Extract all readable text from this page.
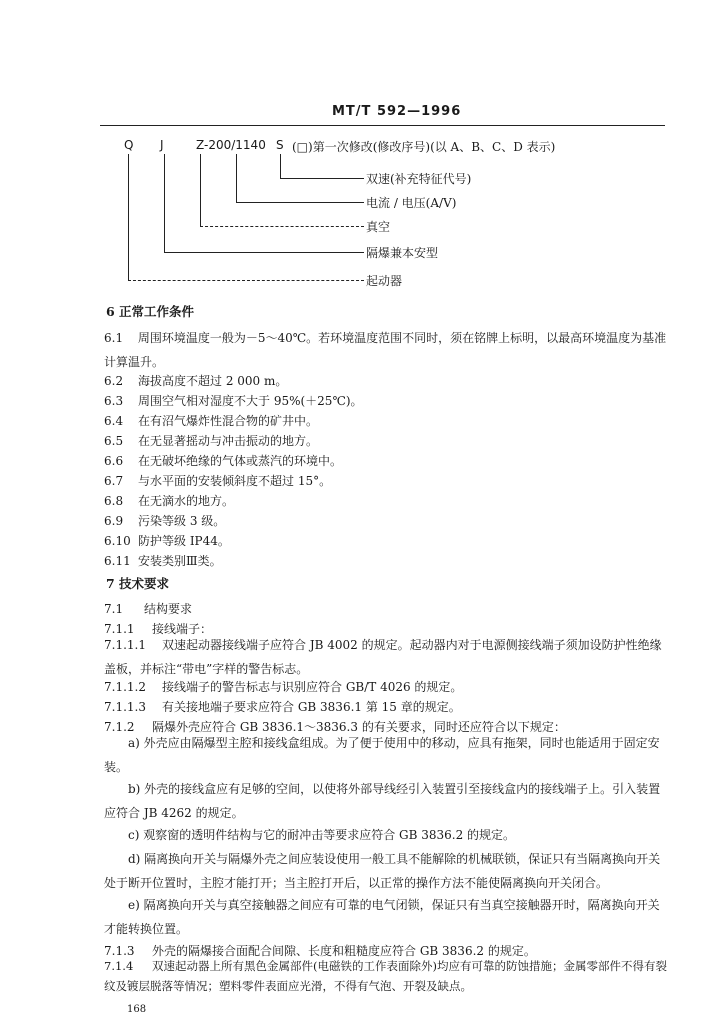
MT/T 592—1996
Q J	Z-200/1140 S (□)第一次修改(修改序号)(以 A、B、C、D 表示)
双速(补充特征代号)
电流 / 电压(A/V)
真空
隔爆兼本安型
起动器
6 正常工作条件
6.1 周围环境温度一般为－5～40℃。若环境温度范围不同时，须在铭牌上标明，以最高环境温度为基准计算温升。
6.2 海拔高度不超过 2 000 m。
6.3 周围空气相对湿度不大于 95%(＋25℃)。
6.4 在有沼气爆炸性混合物的矿井中。
6.5 在无显著摇动与冲击振动的地方。
6.6 在无破坏绝缘的气体或蒸汽的环境中。
6.7 与水平面的安装倾斜度不超过 15°。
6.8 在无滴水的地方。
6.9 污染等级 3 级。
6.10 防护等级 IP44。
6.11 安装类别Ⅲ类。
7 技术要求
7.1 结构要求
7.1.1 接线端子：
7.1.1.1 双速起动器接线端子应符合 JB 4002 的规定。起动器内对于电源侧接线端子须加设防护性绝缘盖板，并标注“带电”字样的警告标志。
7.1.1.2 接线端子的警告标志与识别应符合 GB/T 4026 的规定。
7.1.1.3 有关接地端子要求应符合 GB 3836.1 第 15 章的规定。
7.1.2 隔爆外壳应符合 GB 3836.1～3836.3 的有关要求，同时还应符合以下规定：
a) 外壳应由隔爆型主腔和接线盒组成。为了便于使用中的移动，应具有拖架，同时也能适用于固定安装。
b) 外壳的接线盒应有足够的空间，以使将外部导线经引入装置引至接线盒内的接线端子上。引入装置应符合 JB 4262 的规定。
c) 观察窗的透明件结构与它的耐冲击等要求应符合 GB 3836.2 的规定。
d) 隔离换向开关与隔爆外壳之间应装设使用一般工具不能解除的机械联锁，保证只有当隔离换向开关处于断开位置时，主腔才能打开；当主腔打开后，以正常的操作方法不能使隔离换向开关闭合。
e) 隔离换向开关与真空接触器之间应有可靠的电气闭锁，保证只有当真空接触器开时，隔离换向开关才能转换位置。
7.1.3 外壳的隔爆接合面配合间隙、长度和粗糙度应符合 GB 3836.2 的规定。
7.1.4 双速起动器上所有黑色金属部件(电磁铁的工作表面除外)均应有可靠的防蚀措施；金属零部件不得有裂纹及镀层脱落等情况；塑料零件表面应光滑，不得有气泡、开裂及缺点。
168
